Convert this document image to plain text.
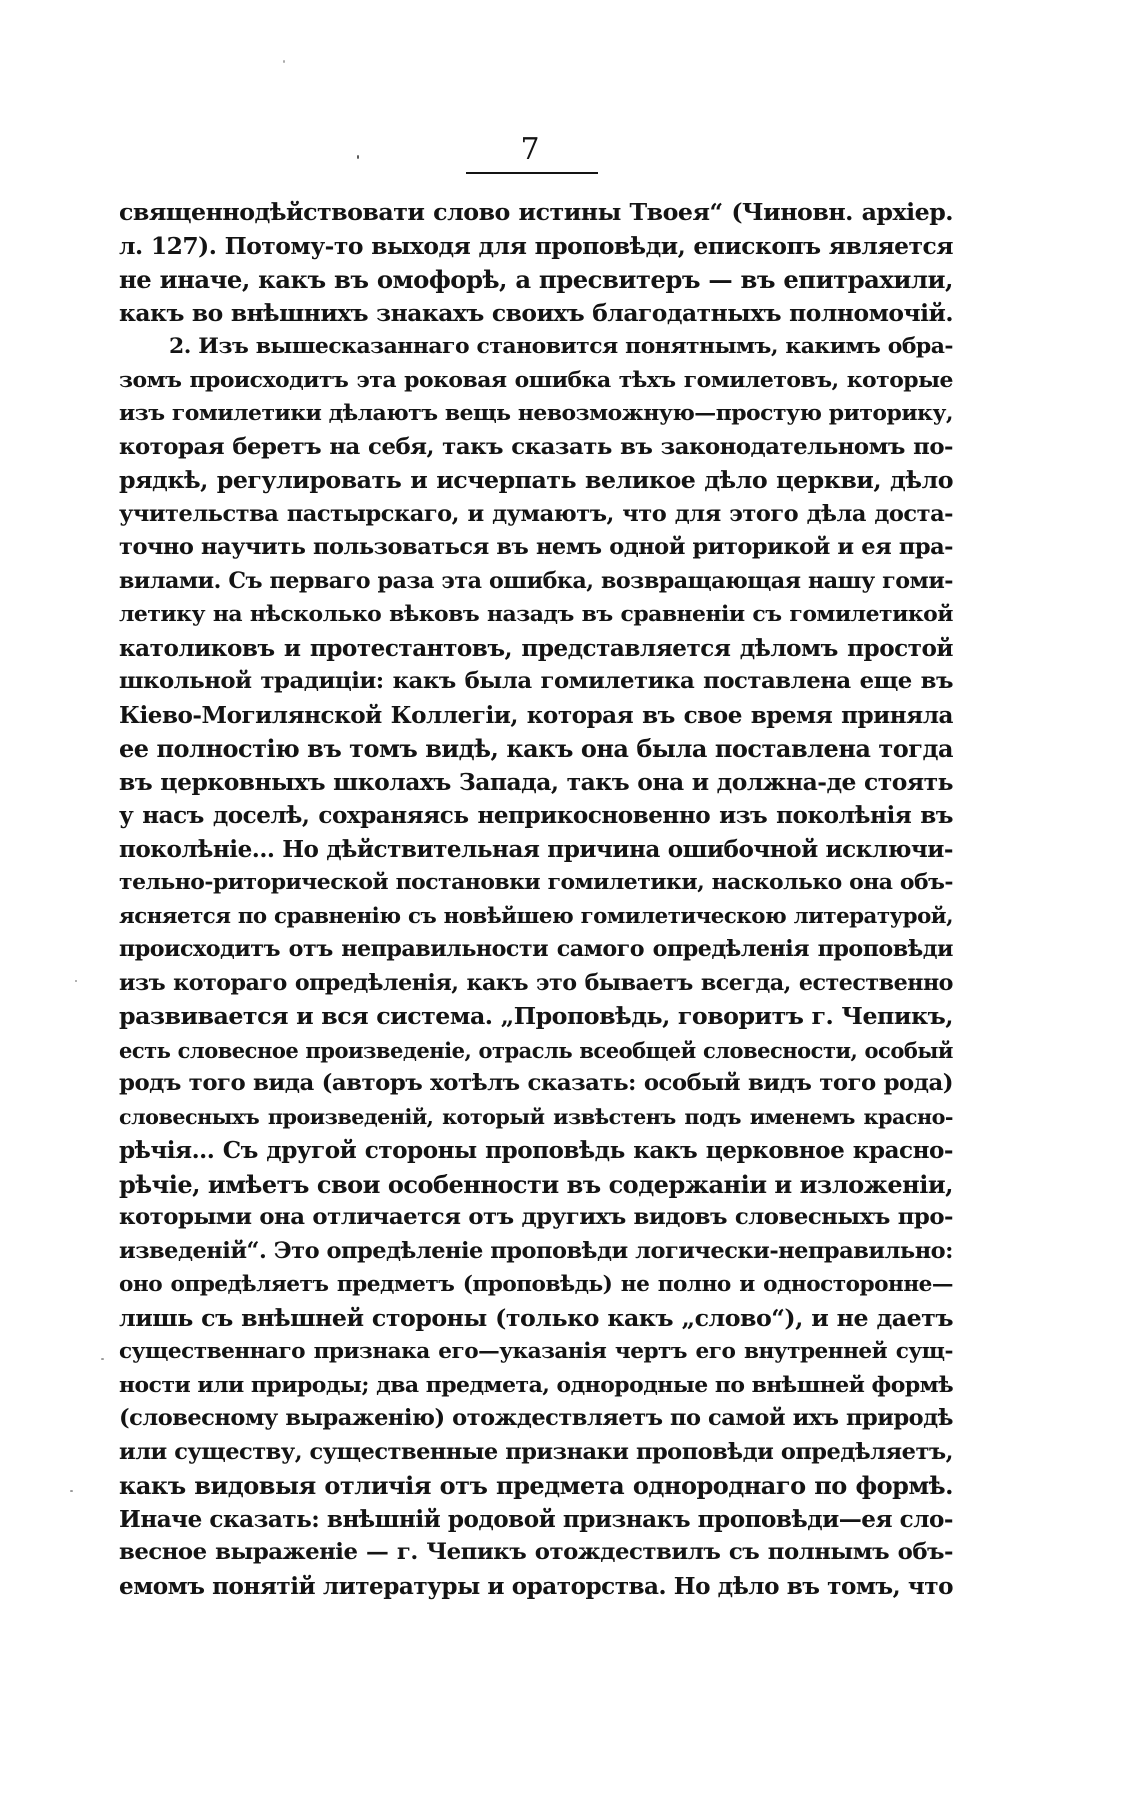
7
священнодѣйствовати слово истины Твоея“ (Чиновн. архіер.
л. 127). Потому-то выходя для проповѣди, епископъ является
не иначе, какъ въ омофорѣ, а пресвитеръ — въ епитрахили,
какъ во внѣшнихъ знакахъ своихъ благодатныхъ полномочій.
2. Изъ вышесказаннаго становится понятнымъ, какимъ обра-
зомъ происходитъ эта роковая ошибка тѣхъ гомилетовъ, которые
изъ гомилетики дѣлаютъ вещь невозможную—простую риторику,
которая беретъ на себя, такъ сказать въ законодательномъ по-
рядкѣ, регулировать и исчерпать великое дѣло церкви, дѣло
учительства пастырскаго, и думаютъ, что для этого дѣла доста-
точно научить пользоваться въ немъ одной риторикой и ея пра-
вилами. Съ перваго раза эта ошибка, возвращающая нашу гоми-
летику на нѣсколько вѣковъ назадъ въ сравненіи съ гомилетикой
католиковъ и протестантовъ, представляется дѣломъ простой
школьной традиціи: какъ была гомилетика поставлена еще въ
Кіево-Могилянской Коллегіи, которая въ свое время приняла
ее полностію въ томъ видѣ, какъ она была поставлена тогда
въ церковныхъ школахъ Запада, такъ она и должна-де стоять
у насъ доселѣ, сохраняясь неприкосновенно изъ поколѣнія въ
поколѣніе... Но дѣйствительная причина ошибочной исключи-
тельно-риторической постановки гомилетики, насколько она объ-
ясняется по сравненію съ новѣйшею гомилетическою литературой,
происходитъ отъ неправильности самого опредѣленія проповѣди
изъ котораго опредѣленія, какъ это бываетъ всегда, естественно
развивается и вся система. „Проповѣдь, говоритъ г. Чепикъ,
есть словесное произведеніе, отрасль всеобщей словесности, особый
родъ того вида (авторъ хотѣлъ сказать: особый видъ того рода)
словесныхъ произведеній, который извѣстенъ подъ именемъ красно-
рѣчія... Съ другой стороны проповѣдь какъ церковное красно-
рѣчіе, имѣетъ свои особенности въ содержаніи и изложеніи,
которыми она отличается отъ другихъ видовъ словесныхъ про-
изведеній“. Это опредѣленіе проповѣди логически-неправильно:
оно опредѣляетъ предметъ (проповѣдь) не полно и односторонне—
лишь съ внѣшней стороны (только какъ „слово“), и не даетъ
существеннаго признака его—указанія чертъ его внутренней сущ-
ности или природы; два предмета, однородные по внѣшней формѣ
(словесному выраженію) отождествляетъ по самой ихъ природѣ
или существу, существенные признаки проповѣди опредѣляетъ,
какъ видовыя отличія отъ предмета однороднаго по формѣ.
Иначе сказать: внѣшній родовой признакъ проповѣди—ея сло-
весное выраженіе — г. Чепикъ отождествилъ съ полнымъ объ-
емомъ понятій литературы и ораторства. Но дѣло въ томъ, что
